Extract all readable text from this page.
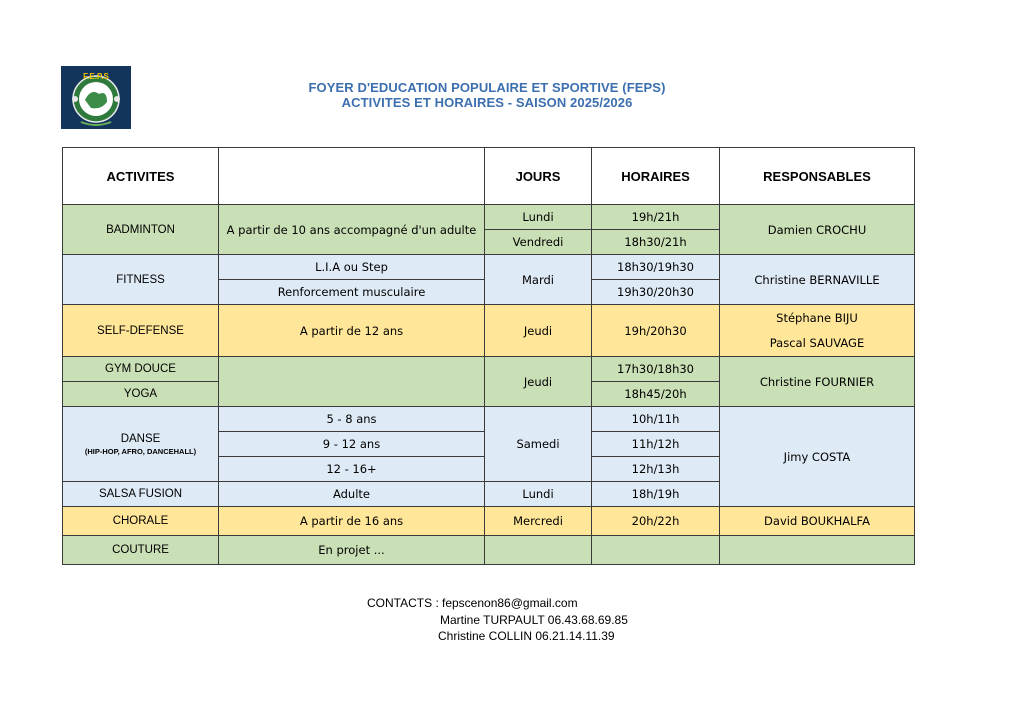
F.E.P.S
FOYER D'EDUCATION POPULAIRE ET SPORTIVE (FEPS)
ACTIVITES ET HORAIRES - SAISON 2025/2026
ACTIVITES		JOURS	HORAIRES	RESPONSABLES
BADMINTON	A partir de 10 ans accompagné d'un adulte	Lundi	19h/21h	Damien CROCHU
		Vendredi	18h30/21h	
FITNESS	L.I.A ou Step	Mardi	18h30/19h30	Christine BERNAVILLE
	Renforcement musculaire		19h30/20h30	
SELF-DEFENSE	A partir de 12 ans	Jeudi	19h/20h30	Stéphane BIJU
Pascal SAUVAGE

GYM DOUCE		Jeudi	17h30/18h30	Christine FOURNIER
YOGA			18h45/20h	
DANSE
(HIP-HOP, AFRO, DANCEHALL)	5 - 8 ans	Samedi	10h/11h	Jimy COSTA
	9 - 12 ans		11h/12h	
	12 - 16+		12h/13h	
SALSA FUSION	Adulte	Lundi	18h/19h	
CHORALE	A partir de 16 ans	Mercredi	20h/22h	David BOUKHALFA
COUTURE	En projet ...			
CONTACTS : fepscenon86@gmail.com
Martine TURPAULT 06.43.68.69.85
Christine COLLIN 06.21.14.11.39
